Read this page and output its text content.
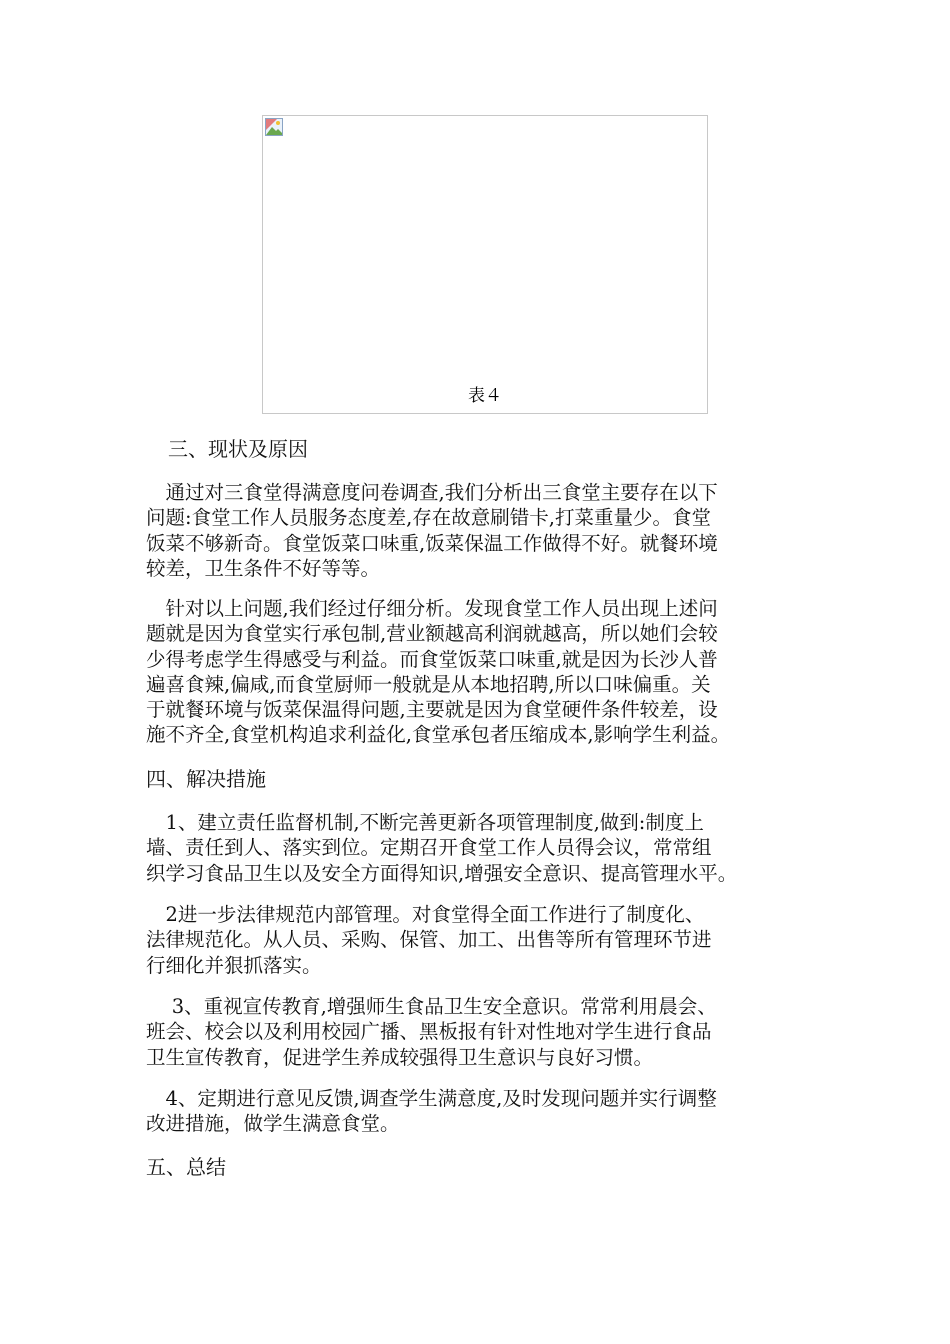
表４
三、现状及原因

　通过对三食堂得满意度问卷调查,我们分析出三食堂主要存在以下
问题:食堂工作人员服务态度差,存在故意刷错卡,打菜重量少。食堂
饭菜不够新奇。食堂饭菜口味重,饭菜保温工作做得不好。就餐环境
较差，卫生条件不好等等。

　针对以上问题,我们经过仔细分析。发现食堂工作人员出现上述问
题就是因为食堂实行承包制,营业额越高利润就越高，所以她们会较
少得考虑学生得感受与利益。而食堂饭菜口味重,就是因为长沙人普
遍喜食辣,偏咸,而食堂厨师一般就是从本地招聘,所以口味偏重。关
于就餐环境与饭菜保温得问题,主要就是因为食堂硬件条件较差，设
施不齐全,食堂机构追求利益化,食堂承包者压缩成本,影响学生利益。

四、解决措施

　1、建立责任监督机制,不断完善更新各项管理制度,做到:制度上
墙、责任到人、落实到位。定期召开食堂工作人员得会议，常常组
织学习食品卫生以及安全方面得知识,增强安全意识、提高管理水平。

　2进一步法律规范内部管理。对食堂得全面工作进行了制度化、
法律规范化。从人员、采购、保管、加工、出售等所有管理环节进
行细化并狠抓落实。

　 3、重视宣传教育,增强师生食品卫生安全意识。常常利用晨会、
班会、校会以及利用校园广播、黑板报有针对性地对学生进行食品
卫生宣传教育，促进学生养成较强得卫生意识与良好习惯。

　4、定期进行意见反馈,调查学生满意度,及时发现问题并实行调整
改进措施，做学生满意食堂。

五、总结
